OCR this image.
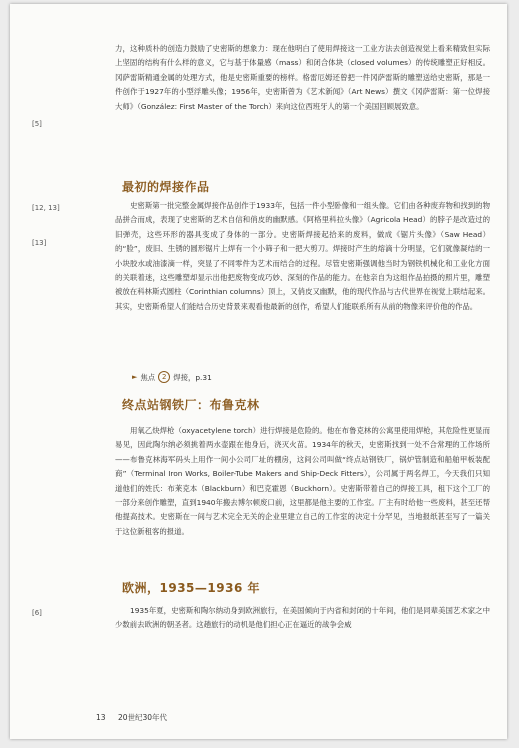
力，这种质朴的创造力鼓励了史密斯的想象力：现在他明白了使用焊接这一工业方法去创造视觉上看来精致但实际上坚固的结构有什么样的意义，它与基于体量感（mass）和闭合体块（closed volumes）的传统雕塑正好相反。冈萨雷斯精通金属的处理方式，他是史密斯重要的榜样。格雷厄姆还曾把一件冈萨雷斯的雕塑送给史密斯，那是一件创作于1927年的小型浮雕头像；1956年，史密斯曾为《艺术新闻》（Art News）撰文《冈萨雷斯：第一位焊接大师》（González: First Master of the Torch）来向这位西班牙人的第一个美国回顾展致意。

[5]
最初的焊接作品
[12, 13]
[13]

史密斯第一批完整金属焊接作品创作于1933年，包括一件小型卧像和一组头像。它们由各种废弃物和找到的物品拼合而成，表现了史密斯的艺术自信和俏皮的幽默感。《阿格里科拉头像》（Agricola Head）的脖子是改造过的旧弹壳，这些环形的器具变成了身体的一部分。史密斯焊接起拾来的废料，做成《锯片头像》（Saw Head）的“脸”，废旧、生锈的圆形锯片上焊有一个小筛子和一把大剪刀。焊接时产生的熔滴十分明显，它们就像凝结的一小块胶水或油漆滴一样，突显了不同零件为艺术而结合的过程。尽管史密斯强调他当时为钢铁机械化和工业化方面的关联着迷，这些雕塑却显示出他把废物变成巧妙、深刻的作品的能力。在他亲自为这组作品拍摄的照片里，雕塑被放在科林斯式圆柱（Corinthian columns）顶上，又俏皮又幽默，他的现代作品与古代世界在视觉上联结起来。其实，史密斯希望人们能结合历史背景来观看他最新的创作，希望人们能联系所有从前的物像来评价他的作品。

► 焦点 2 焊接，p.31
终点站钢铁厂：布鲁克林

用氧乙炔焊枪（oxyacetylene torch）进行焊接是危险的。他在布鲁克林的公寓里使用焊枪，其危险性更显而易见，因此陶尔纳必须挑着两水壶跟在他身后，浇灭火苗。1934年的秋天，史密斯找到一处不合常理的工作场所——布鲁克林海军码头上用作一间小公司厂址的棚房，这间公司叫做“终点站钢铁厂，锅炉管制造和船舶甲板装配商”（Terminal Iron Works, Boiler-Tube Makers and Ship-Deck Fitters），公司属于两名焊工，今天我们只知道他们的姓氏：布莱克本（Blackburn）和巴克霍恩（Buckhorn）。史密斯带着自己的焊接工具，租下这个工厂的一部分来创作雕塑，直到1940年搬去博尔顿废口前，这里都是他主要的工作室。厂主有时给他一些废料，甚至还帮他提高技术。史密斯在一间与艺术完全无关的企业里建立自己的工作室的决定十分罕见，当地报纸甚至写了一篇关于这位新租客的报道。

欧洲，1935—1936 年
[6]	1935年夏，史密斯和陶尔纳动身到欧洲旅行，在美国倾向于内省和封闭的十年间，他们是同辈美国艺术家之中少数前去欧洲的朝圣者。这趟旅行的动机是他们担心正在逼近的战争会威

13 20世纪30年代
